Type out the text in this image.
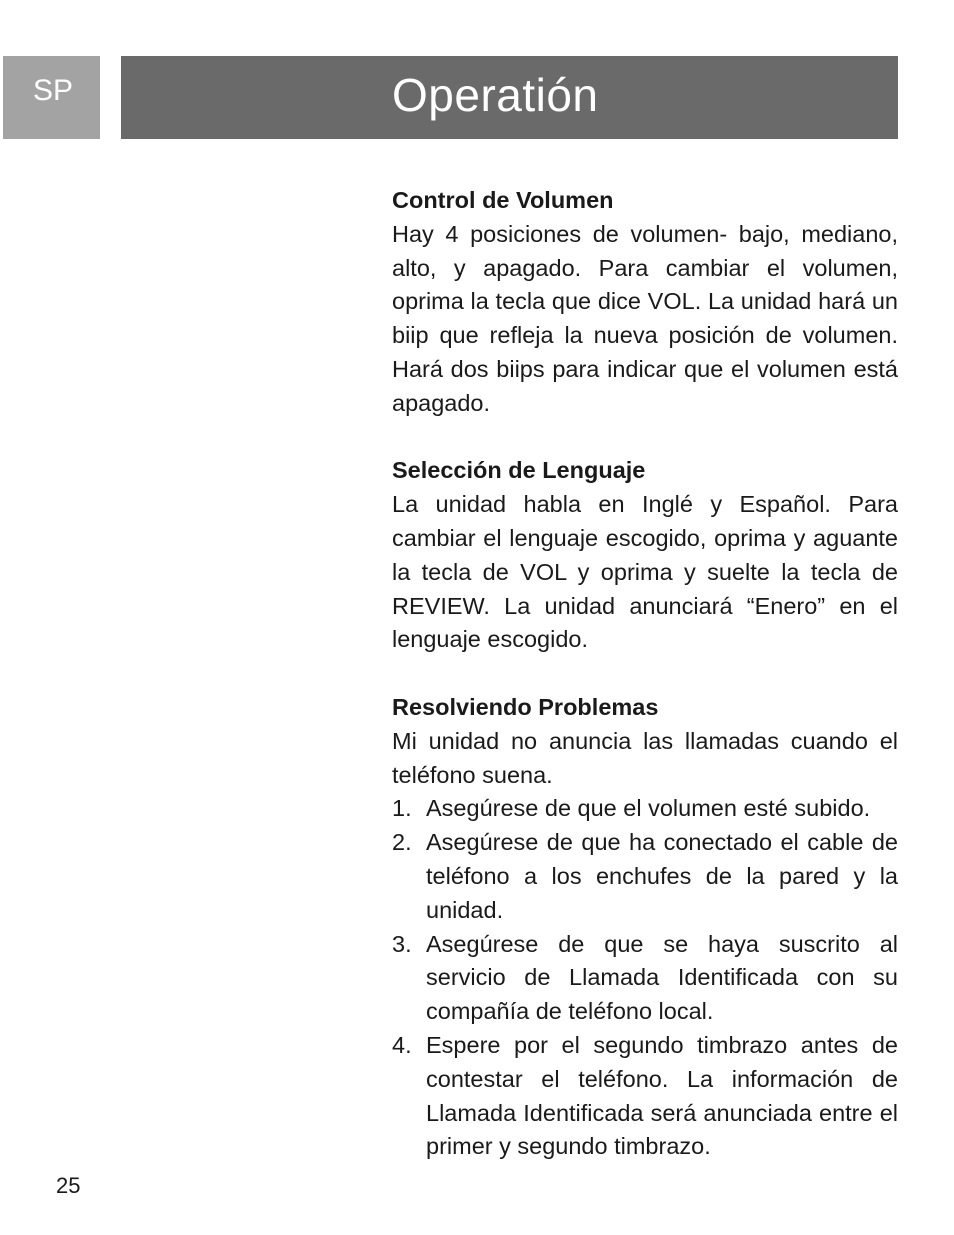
SP	Operatión
Control de Volumen

Hay 4 posiciones de volumen- bajo, mediano, alto, y apagado. Para cambiar el volumen, oprima la tecla que dice VOL. La unidad hará un biip que refleja la nueva posición de volumen. Hará dos biips para indicar que el volumen está apagado.

Selección de Lenguaje

La unidad habla en Inglé y Español. Para cambiar el lenguaje escogido, oprima y aguante la tecla de VOL y oprima y suelte la tecla de REVIEW. La unidad anunciará “Enero” en el lenguaje escogido.

Resolviendo Problemas

Mi unidad no anuncia las llamadas cuando el teléfono suena.

1. Asegúrese de que el volumen esté subido.
2. Asegúrese de que ha conectado el cable de teléfono a los enchufes de la pared y la unidad.
3. Asegúrese de que se haya suscrito al servicio de Llamada Identificada con su compañía de teléfono local.
4. Espere por el segundo timbrazo antes de contestar el teléfono. La información de Llamada Identificada será anunciada entre el primer y segundo timbrazo.
25
